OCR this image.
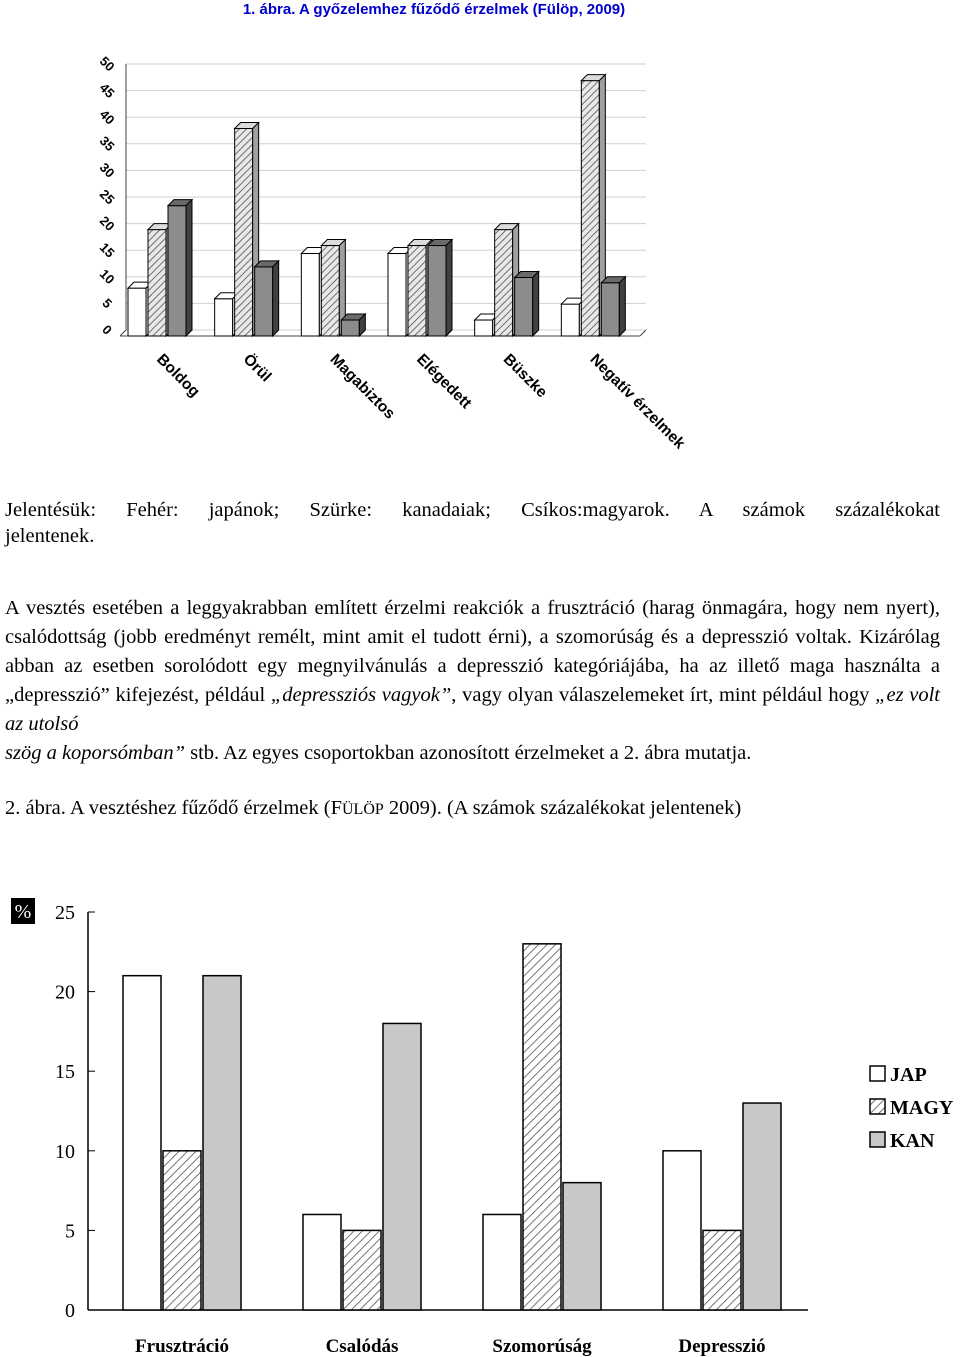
1. ábra. A győzelemhez fűződő érzelmek (Fülöp, 2009)
0
5
10
15
20
25
30
35
40
45
50
Boldog Örül	Magabiztos Elégedett Büszke Negatív érzelmek
Jelentésük: Fehér: japánok; Szürke: kanadaiak; Csíkos:magyarok. A számok százalékokat
jelentenek.
A vesztés esetében a leggyakrabban említett érzelmi reakciók a frusztráció (harag önmagára, hogy nem nyert), csalódottság (jobb eredményt remélt, mint amit el tudott érni), a szomorúság és a depresszió voltak. Kizárólag abban az esetben sorolódott egy megnyilvánulás a depresszió kategóriájába, ha az illető maga használta a „depresszió” kifejezést, például „depressziós vagyok”, vagy olyan válaszelemeket írt, mint például hogy „ez volt az utolsó
szög a koporsómban” stb. Az egyes csoportokban azonosított érzelmeket a 2. ábra mutatja.
2. ábra. A vesztéshez fűződő érzelmek (FÜLÖP 2009). (A számok százalékokat jelentenek)
%
0
5
10
15
20
25
Frusztráció	Csalódás	Szomorúság	Depresszió
JAP
MAGY
KAN
